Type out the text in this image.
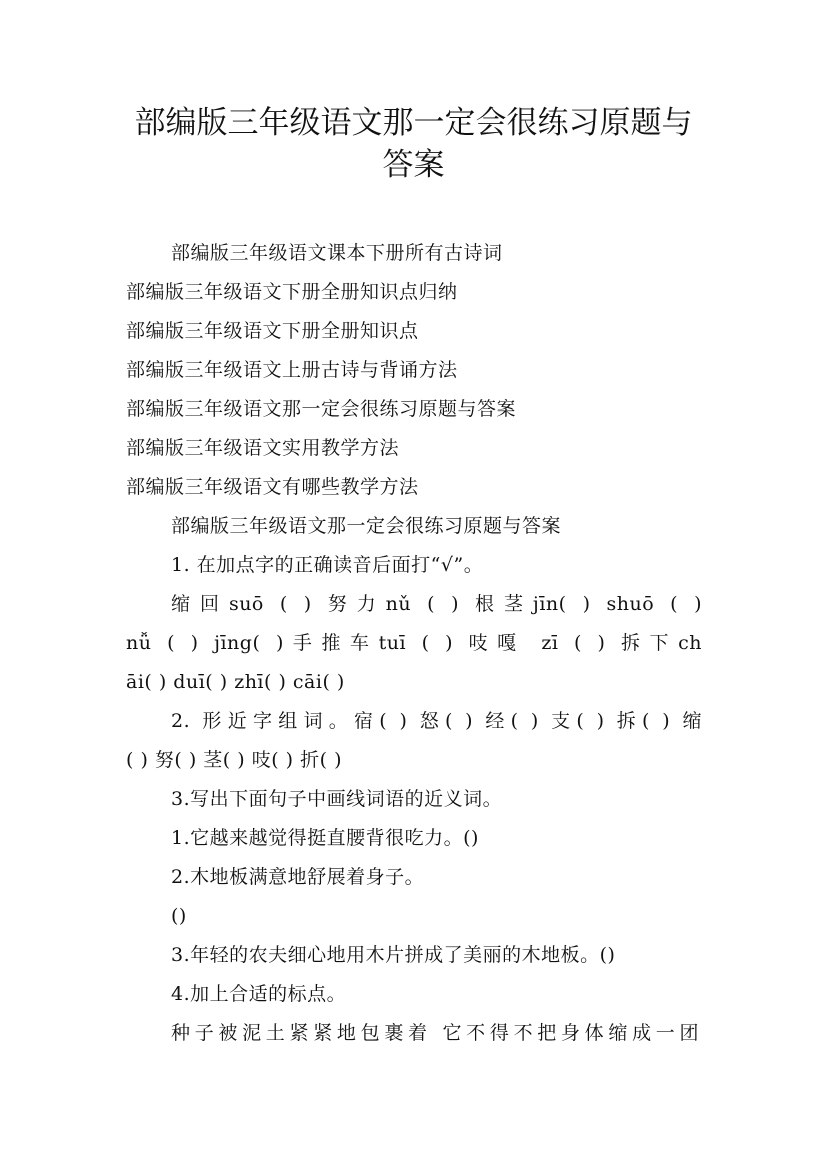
部编版三年级语文那一定会很练习原题与
答案
部编版三年级语文课本下册所有古诗词
部编版三年级语文下册全册知识点归纳
部编版三年级语文下册全册知识点
部编版三年级语文上册古诗与背诵方法
部编版三年级语文那一定会很练习原题与答案
部编版三年级语文实用教学方法
部编版三年级语文有哪些教学方法
部编版三年级语文那一定会很练习原题与答案
1. 在加点字的正确读音后面打“√”。
缩回suō ( ) 努力nǔ ( ) 根茎jīn( ) shuō ( )
nǚ ( ) jīng( )手推车tuī ( ) 吱嘎 zī ( ) 拆下ch
āi( ) duī( ) zhī( ) cāi( )
2. 形近字组词。宿( ) 怒( ) 经( ) 支( ) 拆( ) 缩
( ) 努( ) 茎( ) 吱( ) 折( )
3.写出下面句子中画线词语的近义词。
1.它越来越觉得挺直腰背很吃力。()
2.木地板满意地舒展着身子。
()
3.年轻的农夫细心地用木片拼成了美丽的木地板。()
4.加上合适的标点。
种子被泥土紧紧地包裹着 它不得不把身体缩成一团
